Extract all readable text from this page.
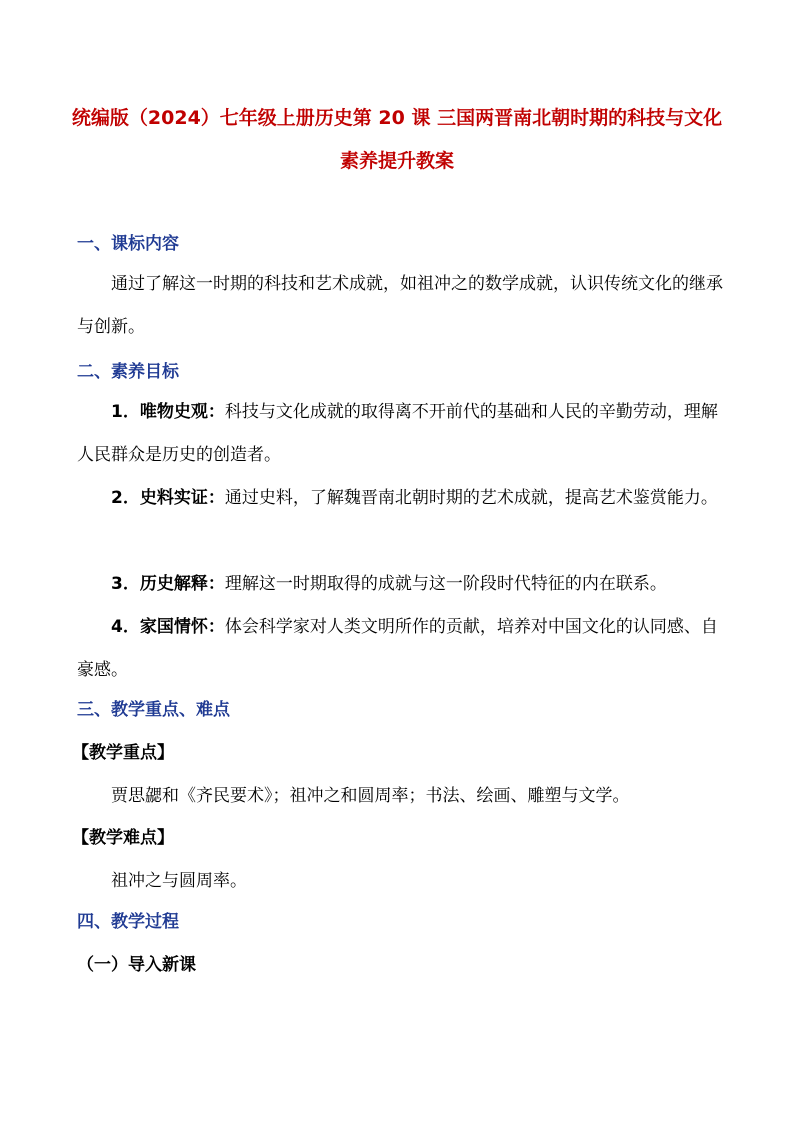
统编版（2024）七年级上册历史第 20 课 三国两晋南北朝时期的科技与文化
素养提升教案
一、课标内容
通过了解这一时期的科技和艺术成就，如祖冲之的数学成就，认识传统文化的继承与创新。
二、素养目标
1．唯物史观：科技与文化成就的取得离不开前代的基础和人民的辛勤劳动，理解人民群众是历史的创造者。
2．史料实证：通过史料，了解魏晋南北朝时期的艺术成就，提高艺术鉴赏能力。
3．历史解释：理解这一时期取得的成就与这一阶段时代特征的内在联系。
4．家国情怀：体会科学家对人类文明所作的贡献，培养对中国文化的认同感、自豪感。
三、教学重点、难点
【教学重点】
贾思勰和《齐民要术》；祖冲之和圆周率；书法、绘画、雕塑与文学。
【教学难点】
祖冲之与圆周率。
四、教学过程
（一）导入新课
